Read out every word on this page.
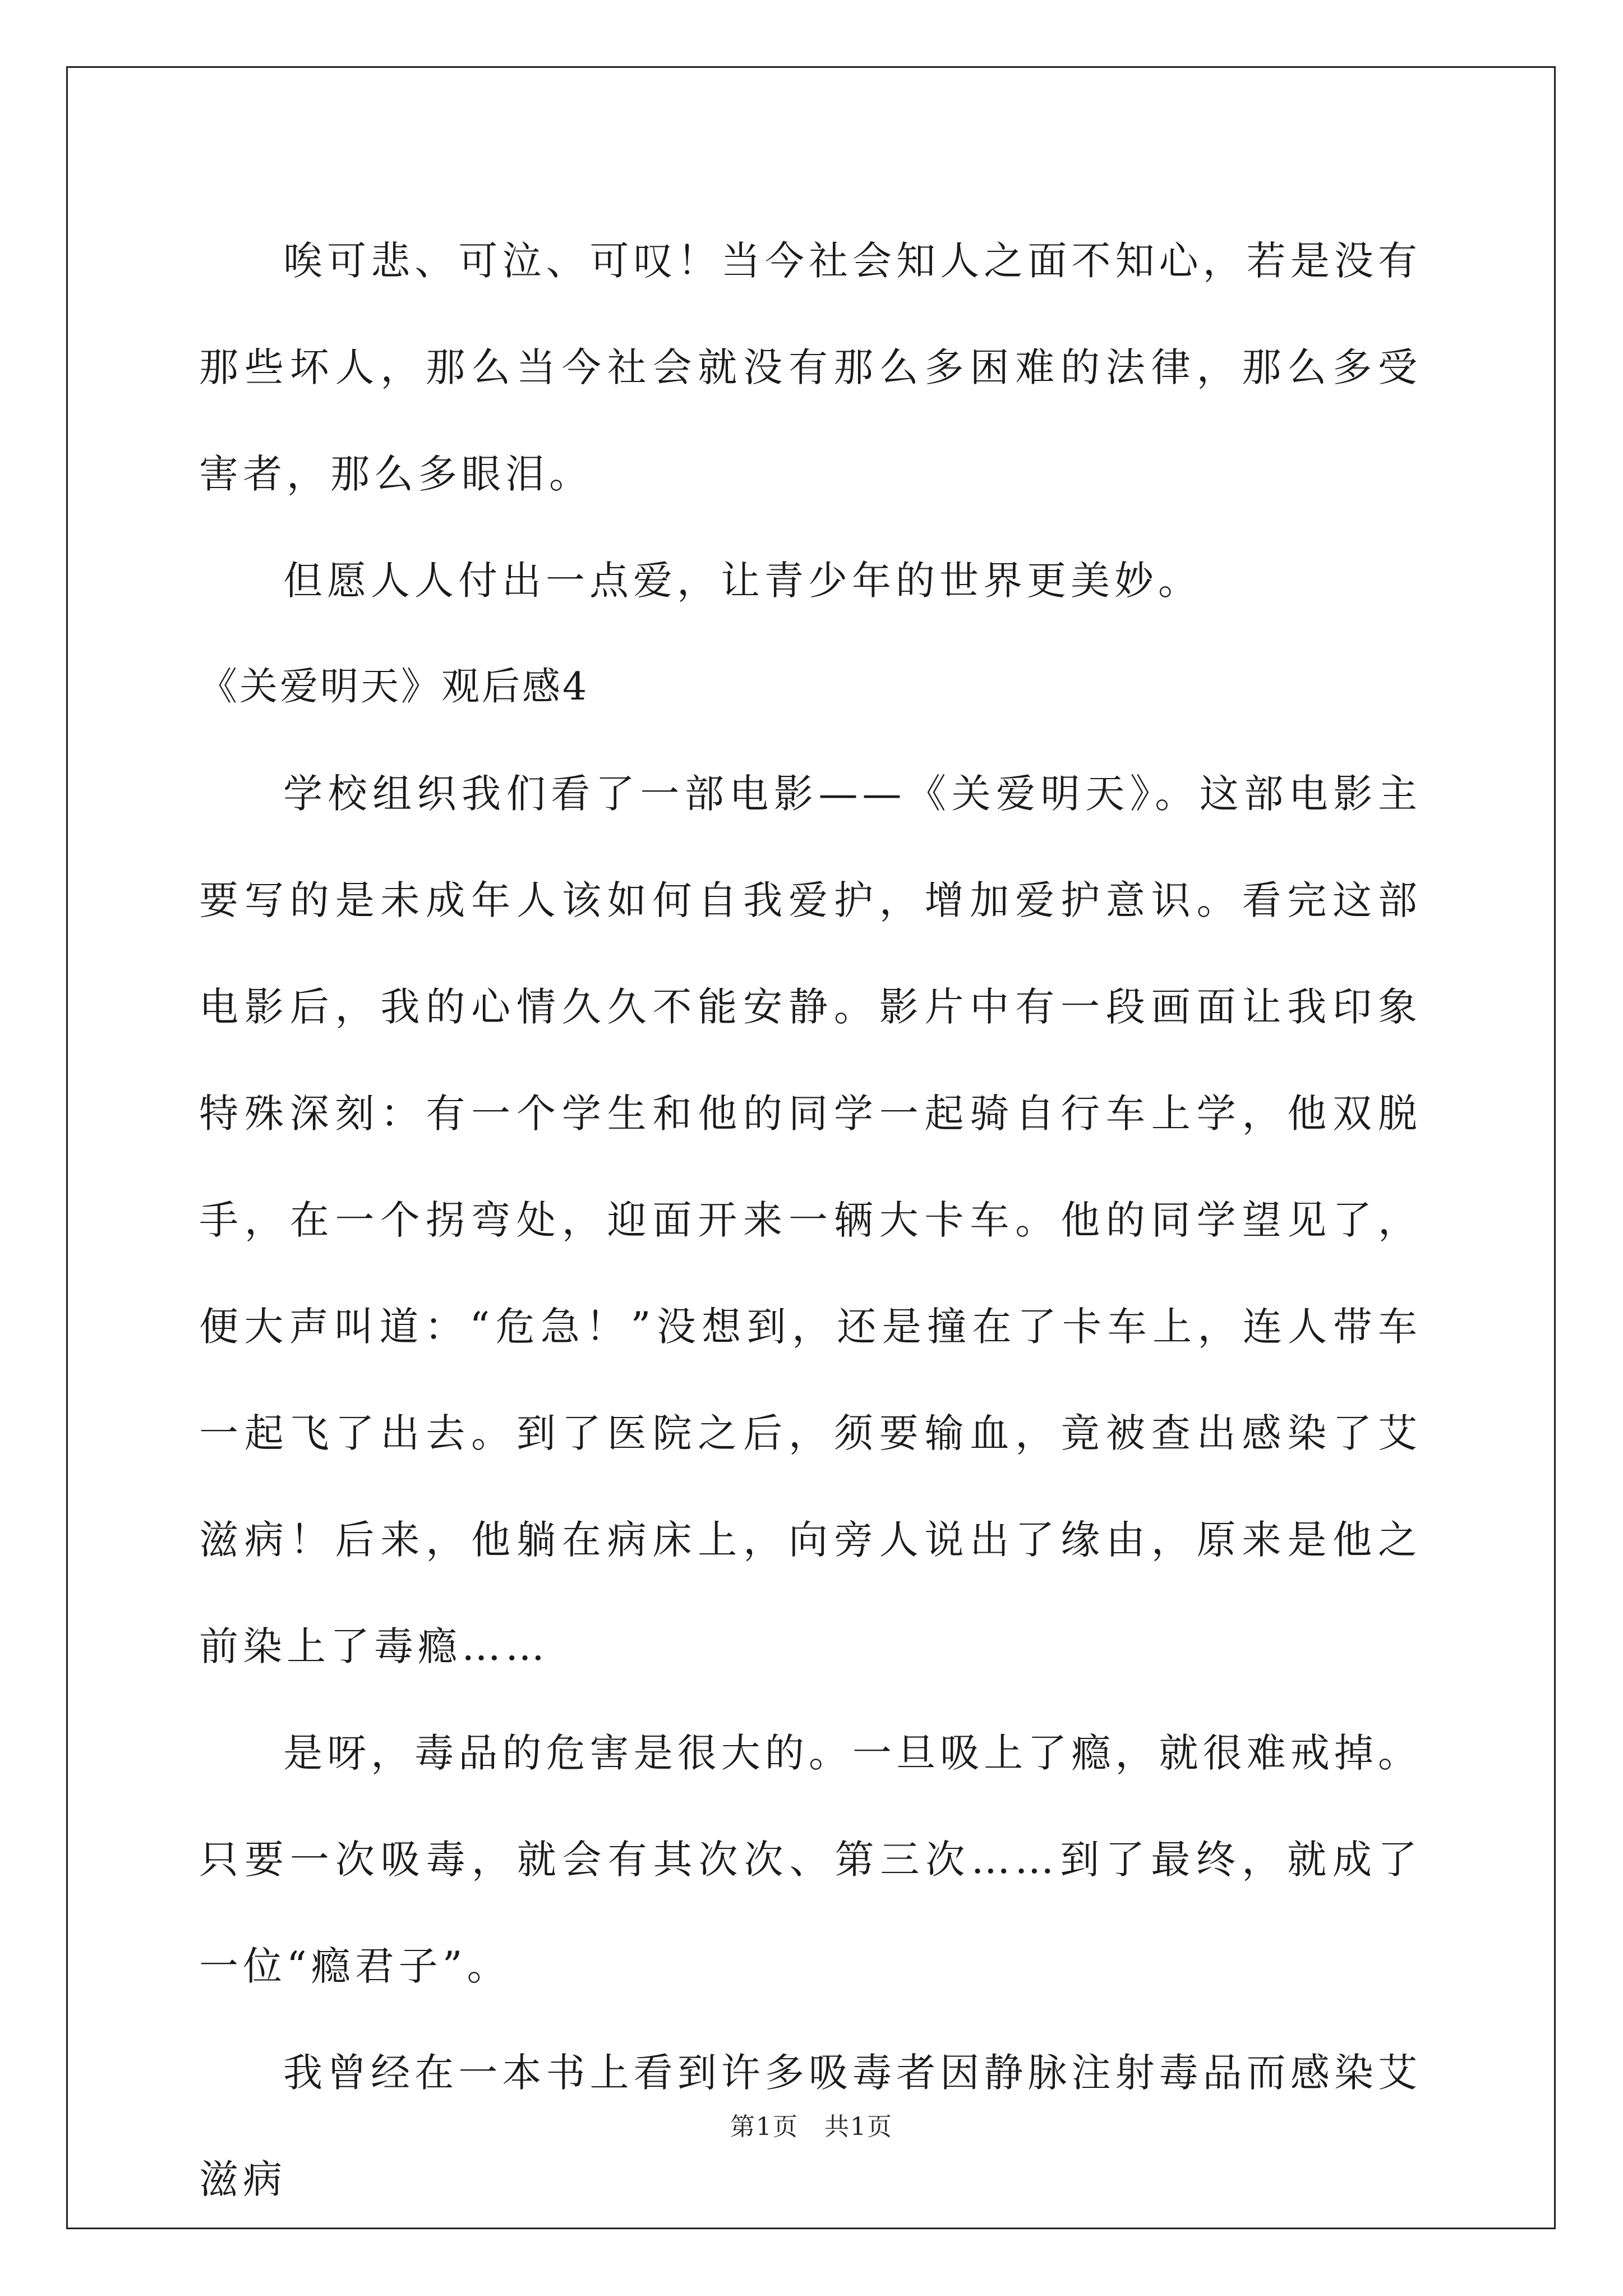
唉可悲、可泣、可叹！当今社会知人之面不知心，若是没有那些坏人，那么当今社会就没有那么多困难的法律，那么多受害者，那么多眼泪。

但愿人人付出一点爱，让青少年的世界更美妙。

《关爱明天》观后感4

学校组织我们看了一部电影——《关爱明天》。这部电影主要写的是未成年人该如何自我爱护，增加爱护意识。看完这部电影后，我的心情久久不能安静。影片中有一段画面让我印象特殊深刻：有一个学生和他的同学一起骑自行车上学，他双脱手，在一个拐弯处，迎面开来一辆大卡车。他的同学望见了，便大声叫道：“危急！”没想到，还是撞在了卡车上，连人带车一起飞了出去。到了医院之后，须要输血，竟被查出感染了艾滋病！后来，他躺在病床上，向旁人说出了缘由，原来是他之前染上了毒瘾……

是呀，毒品的危害是很大的。一旦吸上了瘾，就很难戒掉。只要一次吸毒，就会有其次次、第三次……到了最终，就成了一位“瘾君子”。

我曾经在一本书上看到许多吸毒者因静脉注射毒品而感染艾滋病

第1页　共1页
